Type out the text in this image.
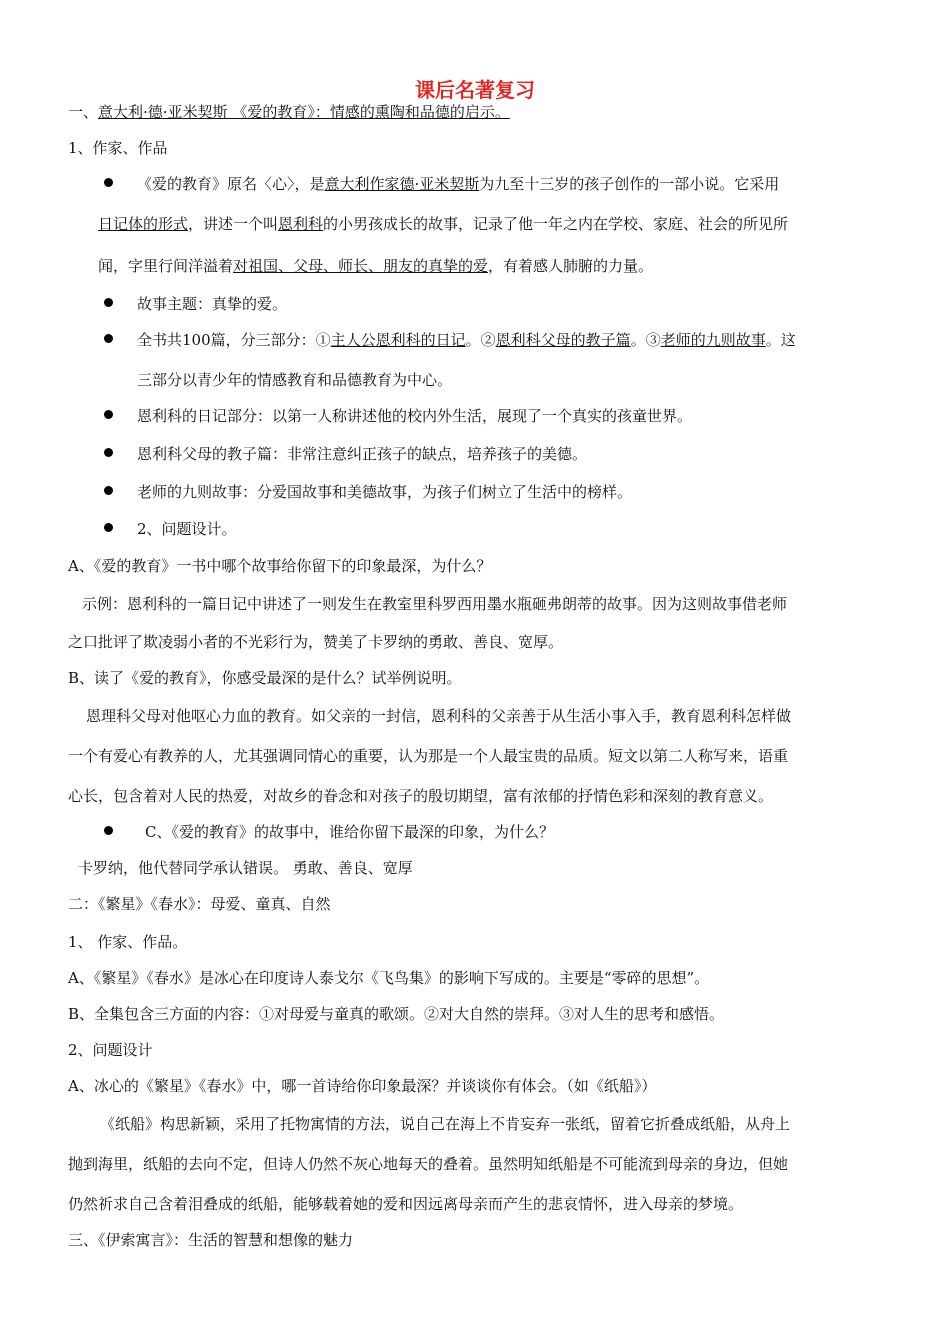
课后名著复习
一、意大利·德·亚米契斯 《爱的教育》：情感的熏陶和品德的启示。
1、作家、作品
《爱的教育》原名〈心〉，是意大利作家德·亚米契斯为九至十三岁的孩子创作的一部小说。它采用
日记体的形式，讲述一个叫恩利科的小男孩成长的故事，记录了他一年之内在学校、家庭、社会的所见所
闻，字里行间洋溢着对祖国、父母、师长、朋友的真挚的爱，有着感人肺腑的力量。
故事主题：真挚的爱。
全书共100篇，分三部分：①主人公恩利科的日记。②恩利科父母的教子篇。③老师的九则故事。这
三部分以青少年的情感教育和品德教育为中心。
恩利科的日记部分：以第一人称讲述他的校内外生活，展现了一个真实的孩童世界。
恩利科父母的教子篇：非常注意纠正孩子的缺点，培养孩子的美德。
老师的九则故事：分爱国故事和美德故事，为孩子们树立了生活中的榜样。
2、问题设计。
A、《爱的教育》一书中哪个故事给你留下的印象最深，为什么？
示例：恩利科的一篇日记中讲述了一则发生在教室里科罗西用墨水瓶砸弗朗蒂的故事。因为这则故事借老师
之口批评了欺凌弱小者的不光彩行为，赞美了卡罗纳的勇敢、善良、宽厚。
B、读了《爱的教育》，你感受最深的是什么？试举例说明。
恩理科父母对他呕心力血的教育。如父亲的一封信，恩利科的父亲善于从生活小事入手，教育恩利科怎样做
一个有爱心有教养的人，尤其强调同情心的重要，认为那是一个人最宝贵的品质。短文以第二人称写来，语重
心长，包含着对人民的热爱，对故乡的眷念和对孩子的殷切期望，富有浓郁的抒情色彩和深刻的教育意义。
C、《爱的教育》的故事中，谁给你留下最深的印象，为什么？
卡罗纳，他代替同学承认错误。 勇敢、善良、宽厚
二：《繁星》《春水》：母爱、童真、自然
1、 作家、作品。
A、《繁星》《春水》是冰心在印度诗人泰戈尔《飞鸟集》的影响下写成的。主要是“零碎的思想”。
B、全集包含三方面的内容：①对母爱与童真的歌颂。②对大自然的崇拜。③对人生的思考和感悟。
2、问题设计
A、冰心的《繁星》《春水》中，哪一首诗给你印象最深？并谈谈你有体会。（如《纸船》）
《纸船》构思新颖，采用了托物寓情的方法，说自己在海上不肯妄弃一张纸，留着它折叠成纸船，从舟上
抛到海里，纸船的去向不定，但诗人仍然不灰心地每天的叠着。虽然明知纸船是不可能流到母亲的身边，但她
仍然祈求自己含着泪叠成的纸船，能够载着她的爱和因远离母亲而产生的悲哀情怀，进入母亲的梦境。
三、《伊索寓言》：生活的智慧和想像的魅力
